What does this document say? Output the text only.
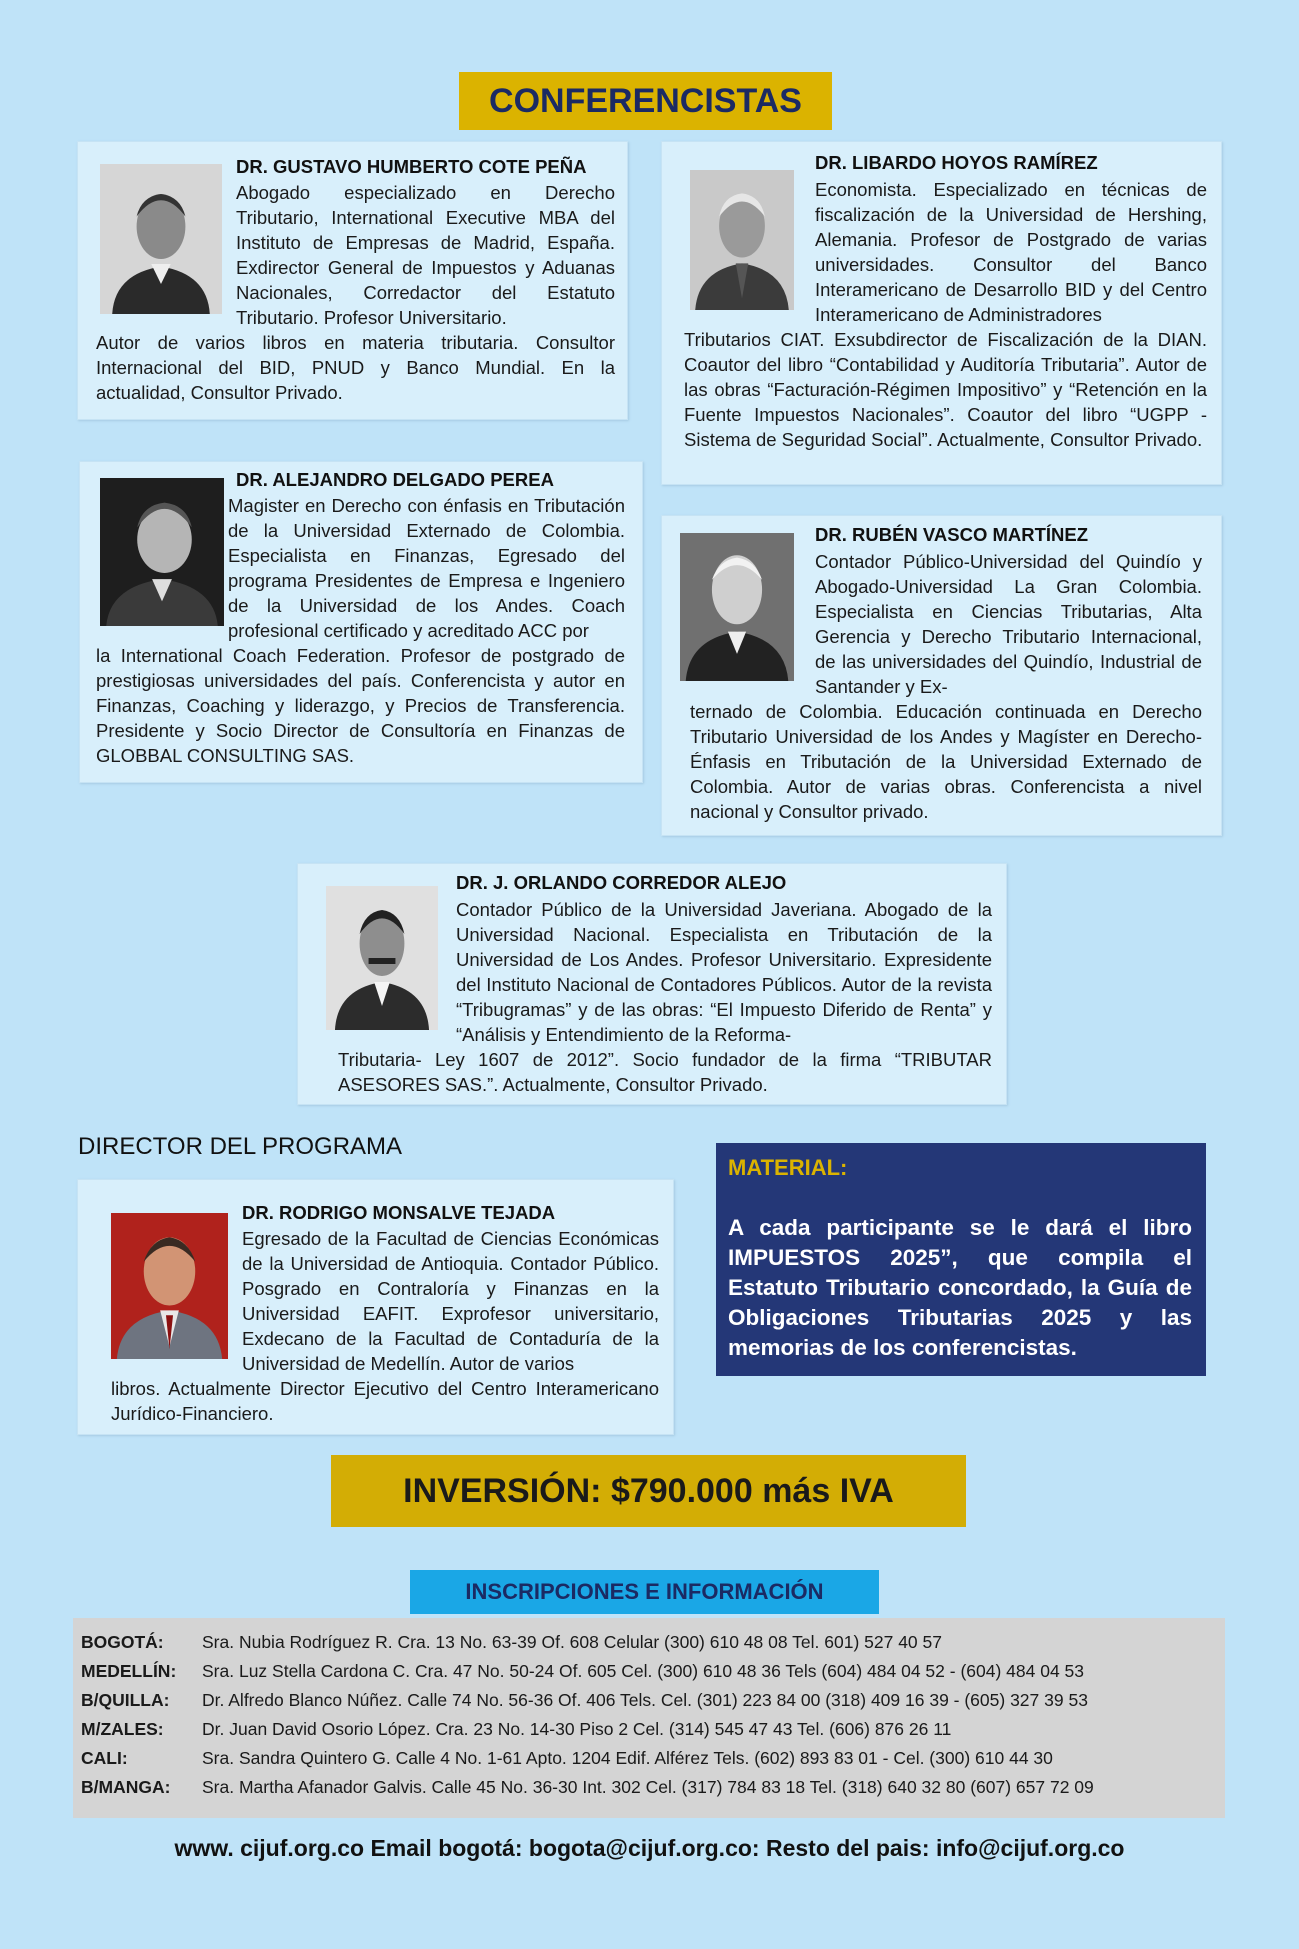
CONFERENCISTAS
DR. GUSTAVO HUMBERTO COTE PEÑA
Abogado especializado en Derecho Tributario, International Executive MBA del Instituto de Empresas de Madrid, España. Exdirector General de Impuestos y Aduanas Nacionales, Corredactor del Estatuto Tributario. Profesor Universitario.
Autor de varios libros en materia tributaria. Consultor Internacional del BID, PNUD y Banco Mundial. En la actualidad, Consultor Privado.
DR. LIBARDO HOYOS RAMÍREZ
Economista. Especializado en técnicas de fiscalización de la Universidad de Hershing, Alemania. Profesor de Postgrado de varias universidades. Consultor del Banco Interamericano de Desarrollo BID y del Centro Interamericano de Administradores
Tributarios CIAT. Exsubdirector de Fiscalización de la DIAN. Coautor del libro “Contabilidad y Auditoría Tributaria”. Autor de las obras “Facturación-Régimen Impositivo” y “Retención en la Fuente Impuestos Nacionales”. Coautor del libro “UGPP - Sistema de Seguridad Social”. Actualmente, Consultor Privado.
DR. ALEJANDRO DELGADO PEREA
Magister en Derecho con énfasis en Tributación de la Universidad Externado de Colombia. Especialista en Finanzas, Egresado del programa Presidentes de Empresa e Ingeniero de la Universidad de los Andes. Coach profesional certificado y acreditado ACC por
la International Coach Federation. Profesor de postgrado de prestigiosas universidades del país. Conferencista y autor en Finanzas, Coaching y liderazgo, y Precios de Transferencia. Presidente y Socio Director de Consultoría en Finanzas de GLOBBAL CONSULTING SAS.
DR. RUBÉN VASCO MARTÍNEZ
Contador Público-Universidad del Quindío y Abogado-Universidad La Gran Colombia. Especialista en Ciencias Tributarias, Alta Gerencia y Derecho Tributario Internacional, de las universidades del Quindío, Industrial de Santander y Ex-
ternado de Colombia. Educación continuada en Derecho Tributario Universidad de los Andes y Magíster en Derecho-Énfasis en Tributación de la Universidad Externado de Colombia. Autor de varias obras. Conferencista a nivel nacional y Consultor privado.
DR. J. ORLANDO CORREDOR ALEJO
Contador Público de la Universidad Javeriana. Abogado de la Universidad Nacional. Especialista en Tributación de la Universidad de Los Andes. Profesor Universitario. Expresidente del Instituto Nacional de Contadores Públicos. Autor de la revista “Tribugramas” y de las obras: “El Impuesto Diferido de Renta” y “Análisis y Entendimiento de la Reforma-
Tributaria- Ley 1607 de 2012”. Socio fundador de la firma “TRIBUTAR ASESORES SAS.”. Actualmente, Consultor Privado.
DIRECTOR DEL PROGRAMA
DR. RODRIGO MONSALVE TEJADA
Egresado de la Facultad de Ciencias Económicas de la Universidad de Antioquia. Contador Público. Posgrado en Contraloría y Finanzas en la Universidad EAFIT. Exprofesor universitario, Exdecano de la Facultad de Contaduría de la Universidad de Medellín. Autor de varios
libros. Actualmente Director Ejecutivo del Centro Interamericano Jurídico-Financiero.
MATERIAL:
A cada participante se le dará el libro IMPUESTOS 2025”, que compila el Estatuto Tributario concordado, la Guía de Obligaciones Tributarias 2025 y las memorias de los conferencistas.
INVERSIÓN: $790.000 más IVA
INSCRIPCIONES E INFORMACIÓN
BOGOTÁ: Sra. Nubia Rodríguez R. Cra. 13 No. 63-39 Of. 608 Celular (300) 610 48 08 Tel. 601) 527 40 57
MEDELLÍN: Sra. Luz Stella Cardona C. Cra. 47 No. 50-24 Of. 605 Cel. (300) 610 48 36 Tels (604) 484 04 52 - (604) 484 04 53
B/QUILLA: Dr. Alfredo Blanco Núñez. Calle 74 No. 56-36 Of. 406 Tels. Cel. (301) 223 84 00 (318) 409 16 39 - (605) 327 39 53
M/ZALES: Dr. Juan David Osorio López. Cra. 23 No. 14-30 Piso 2 Cel. (314) 545 47 43 Tel. (606) 876 26 11
CALI:	Sra. Sandra Quintero G. Calle 4 No. 1-61 Apto. 1204 Edif. Alférez Tels. (602) 893 83 01 - Cel. (300) 610 44 30
B/MANGA: Sra. Martha Afanador Galvis. Calle 45 No. 36-30 Int. 302 Cel. (317) 784 83 18 Tel. (318) 640 32 80 (607) 657 72 09
www. cijuf.org.co Email bogotá: bogota@cijuf.org.co: Resto del pais: info@cijuf.org.co
